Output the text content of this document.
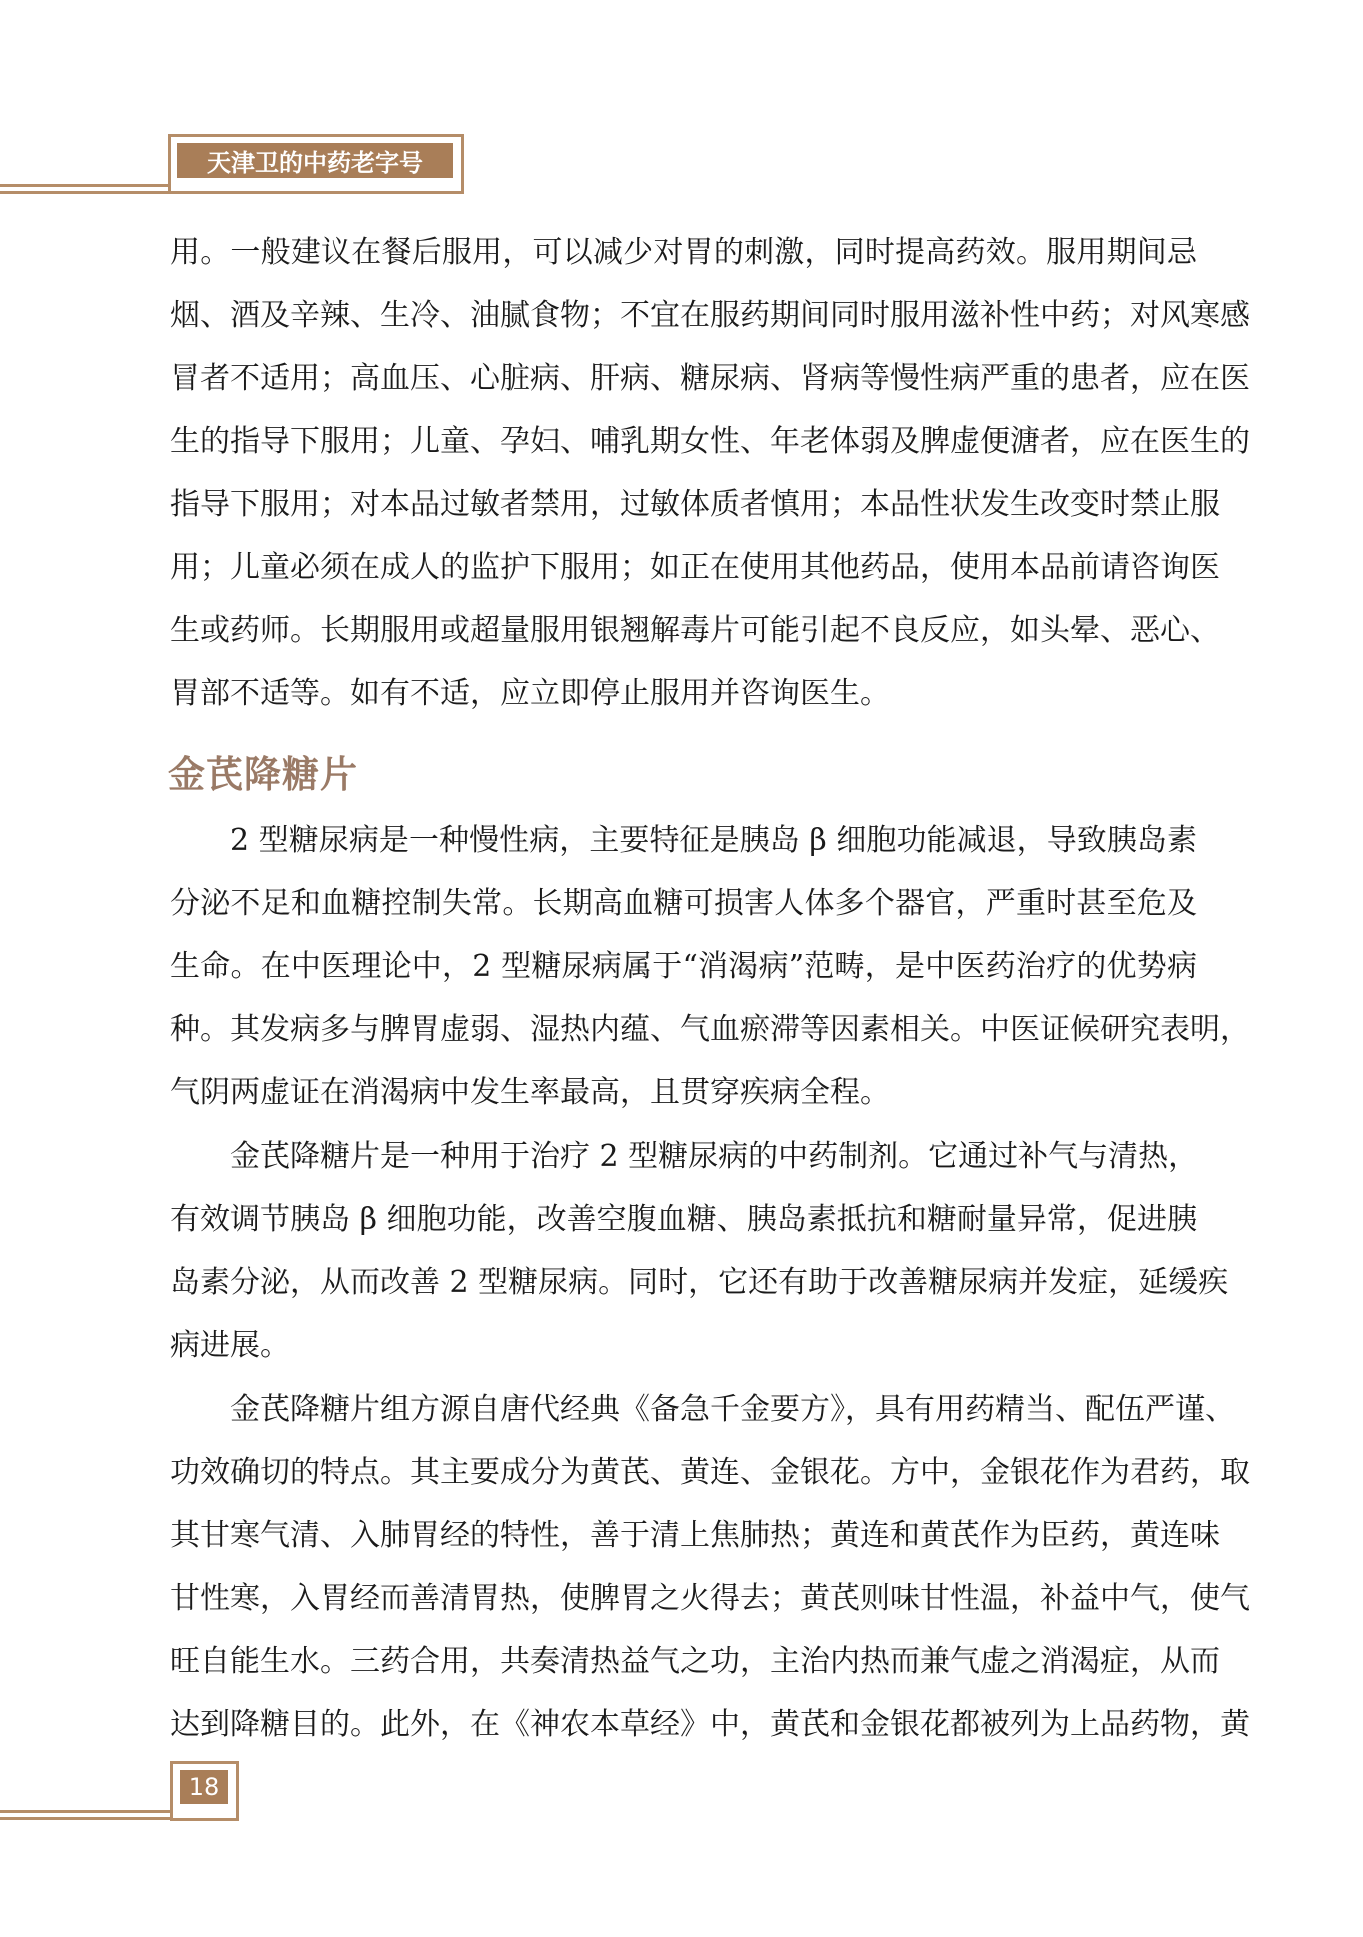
天津卫的中药老字号
用。一般建议在餐后服用，可以减少对胃的刺激，同时提高药效。服用期间忌
烟、酒及辛辣、生冷、油腻食物；不宜在服药期间同时服用滋补性中药；对风寒感
冒者不适用；高血压、心脏病、肝病、糖尿病、肾病等慢性病严重的患者，应在医
生的指导下服用；儿童、孕妇、哺乳期女性、年老体弱及脾虚便溏者，应在医生的
指导下服用；对本品过敏者禁用，过敏体质者慎用；本品性状发生改变时禁止服
用；儿童必须在成人的监护下服用；如正在使用其他药品，使用本品前请咨询医
生或药师。长期服用或超量服用银翘解毒片可能引起不良反应，如头晕、恶心、
胃部不适等。如有不适，应立即停止服用并咨询医生。
2 型糖尿病是一种慢性病，主要特征是胰岛 β 细胞功能减退，导致胰岛素
分泌不足和血糖控制失常。长期高血糖可损害人体多个器官，严重时甚至危及
生命。在中医理论中，2 型糖尿病属于“消渴病”范畴，是中医药治疗的优势病
种。其发病多与脾胃虚弱、湿热内蕴、气血瘀滞等因素相关。中医证候研究表明，
气阴两虚证在消渴病中发生率最高，且贯穿疾病全程。
金芪降糖片是一种用于治疗 2 型糖尿病的中药制剂。它通过补气与清热，
有效调节胰岛 β 细胞功能，改善空腹血糖、胰岛素抵抗和糖耐量异常，促进胰
岛素分泌，从而改善 2 型糖尿病。同时，它还有助于改善糖尿病并发症，延缓疾
病进展。
金芪降糖片组方源自唐代经典《备急千金要方》，具有用药精当、配伍严谨、
功效确切的特点。其主要成分为黄芪、黄连、金银花。方中，金银花作为君药，取
其甘寒气清、入肺胃经的特性，善于清上焦肺热；黄连和黄芪作为臣药，黄连味
甘性寒，入胃经而善清胃热，使脾胃之火得去；黄芪则味甘性温，补益中气，使气
旺自能生水。三药合用，共奏清热益气之功，主治内热而兼气虚之消渴症，从而
达到降糖目的。此外，在《神农本草经》中，黄芪和金银花都被列为上品药物，黄
金芪降糖片
18
